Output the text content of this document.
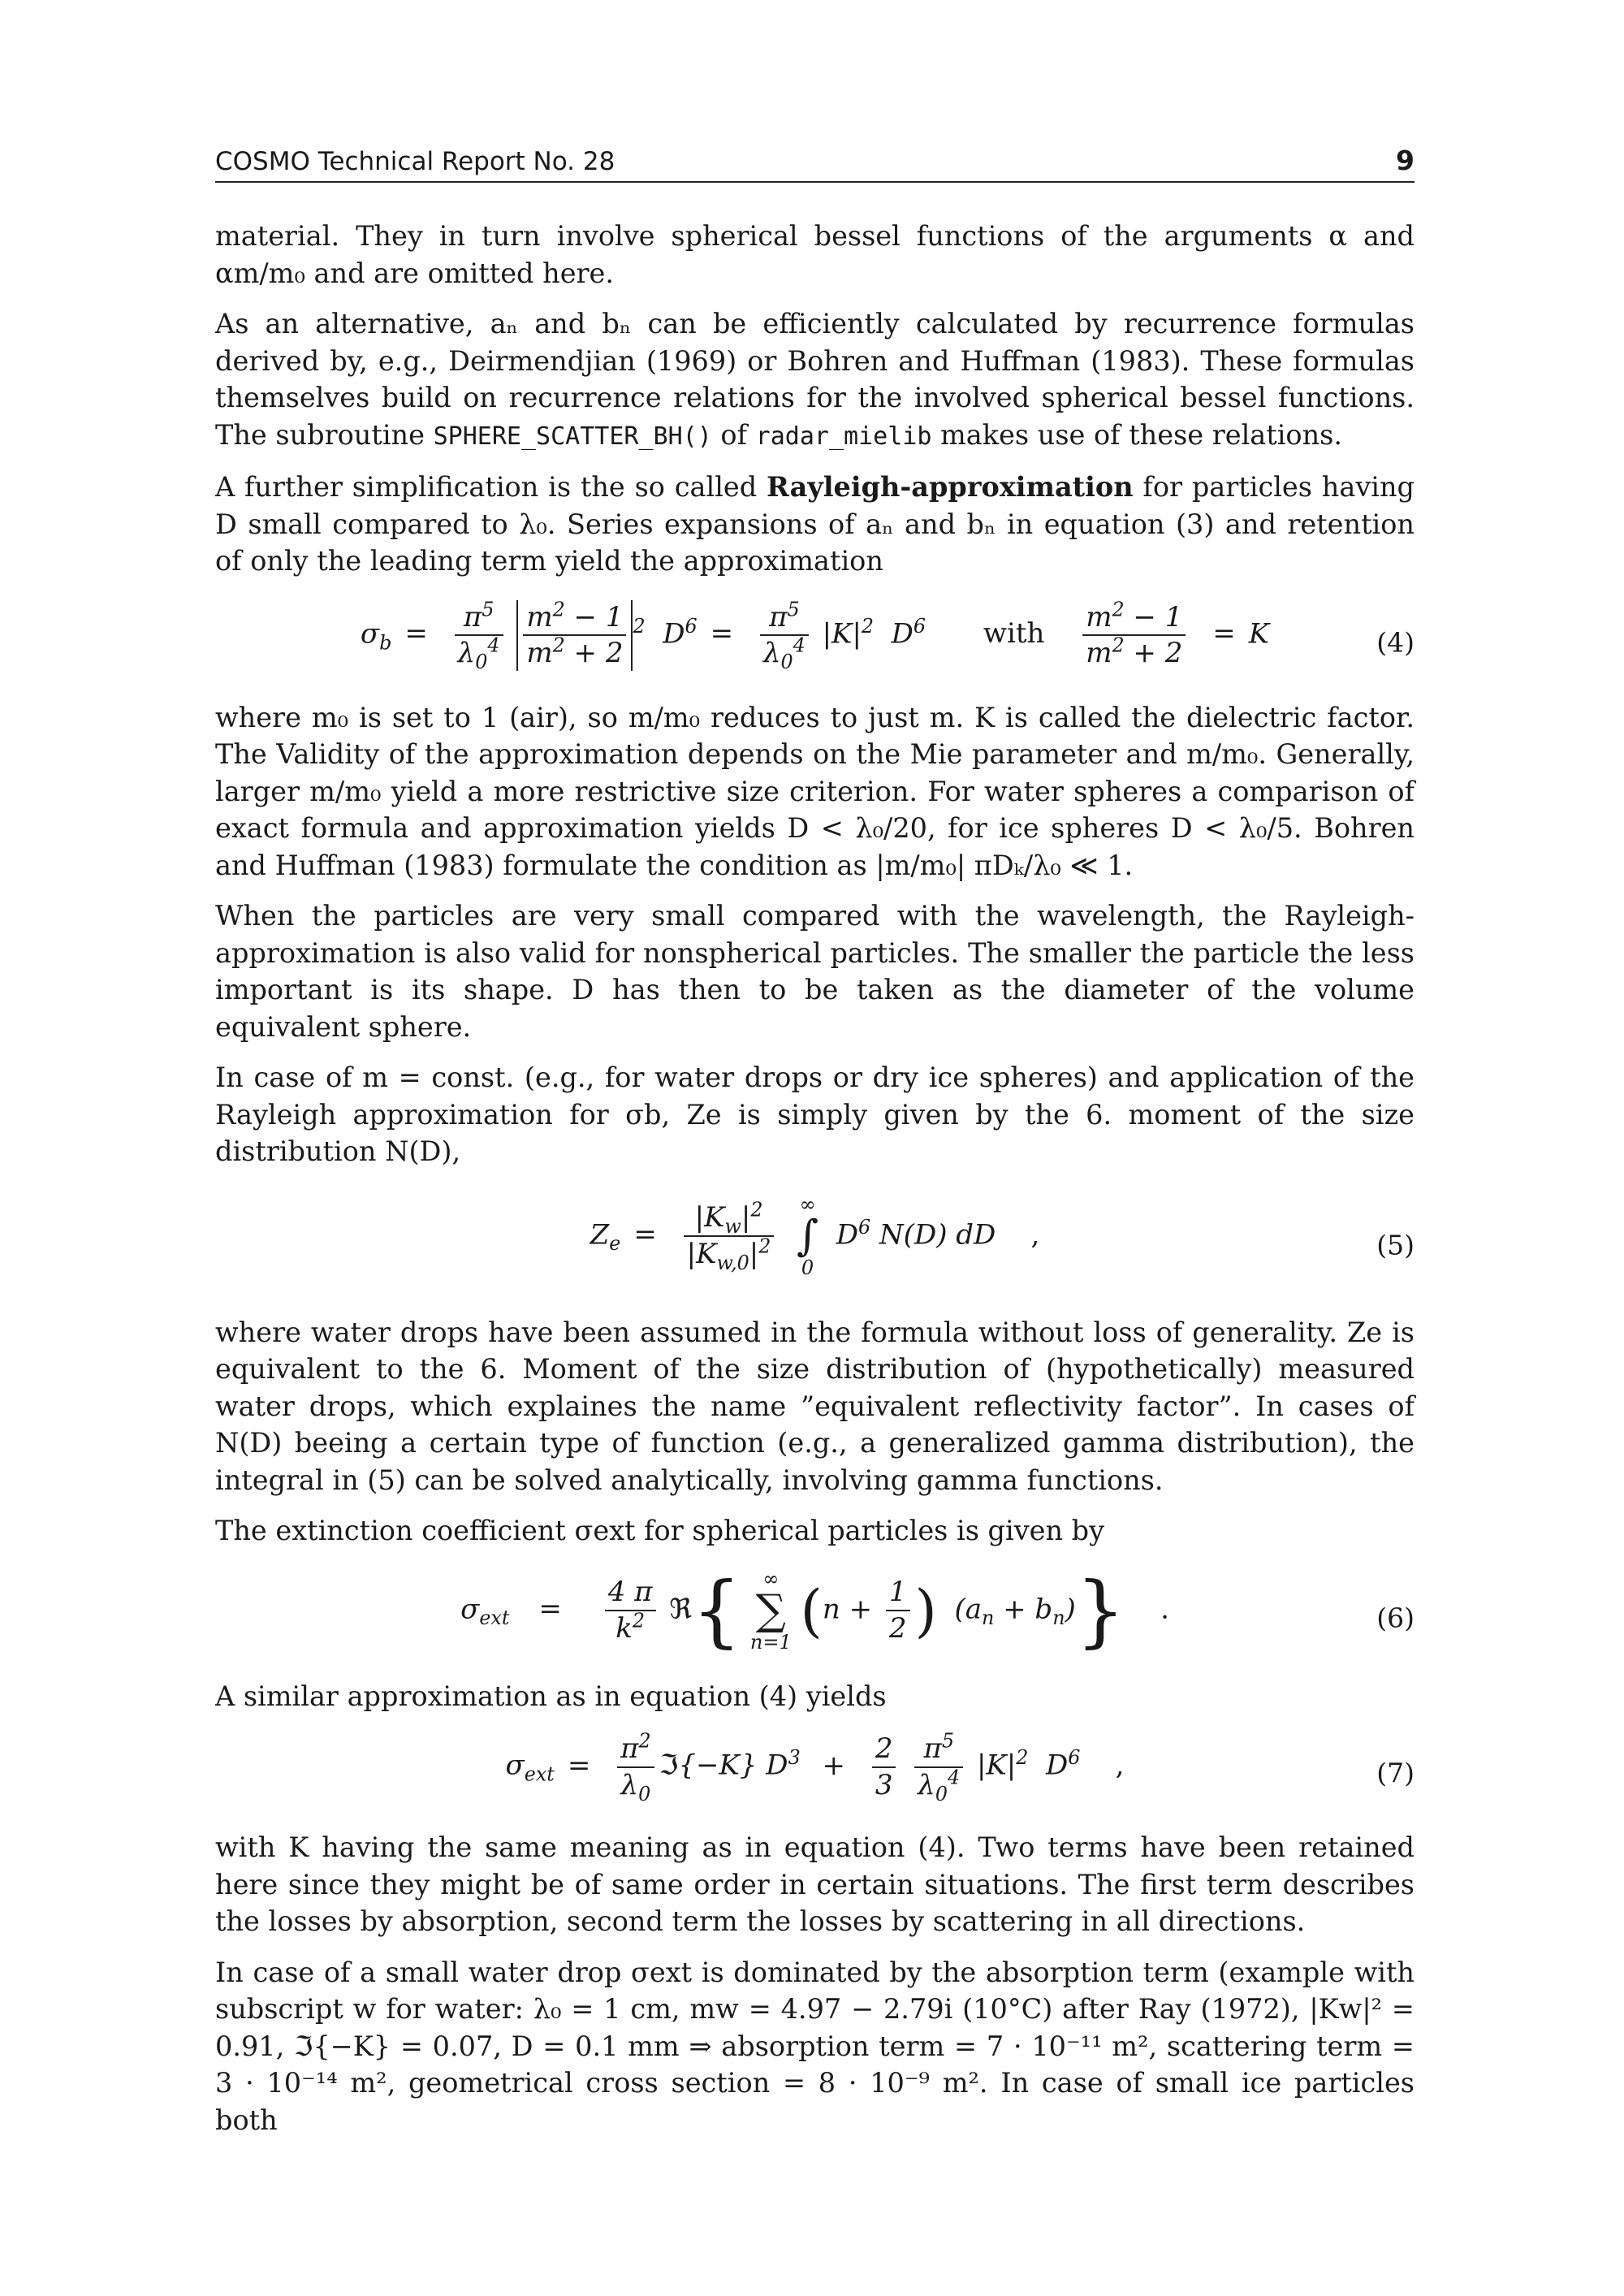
COSMO Technical Report No. 28	9

material. They in turn involve spherical bessel functions of the arguments α and αm/m₀ and are omitted here.

As an alternative, aₙ and bₙ can be efficiently calculated by recurrence formulas derived by, e.g., Deirmendjian (1969) or Bohren and Huffman (1983). These formulas themselves build on recurrence relations for the involved spherical bessel functions. The subroutine SPHERE_SCATTER_BH() of radar_mielib makes use of these relations.

A further simplification is the so called Rayleigh-approximation for particles having D small compared to λ₀. Series expansions of aₙ and bₙ in equation (3) and retention of only the leading term yield the approximation

$\sigma_b = \frac{\pi^5}{\lambda_0^4}$
$\frac{m^2 - 1}{m^2 + 2} ^2$  $D^6 = \frac{\pi^5}{\lambda_0^4} |K|^2$  $D^6$ with $\frac{m^2 - 1}{m^2 + 2} = K$	(4)

where m₀ is set to 1 (air), so m/m₀ reduces to just m. K is called the dielectric factor. The Validity of the approximation depends on the Mie parameter and m/m₀. Generally, larger m/m₀ yield a more restrictive size criterion. For water spheres a comparison of exact formula and approximation yields D < λ₀/20, for ice spheres D < λ₀/5. Bohren and Huffman (1983) formulate the condition as |m/m₀| πDₖ/λ₀ ≪ 1.

When the particles are very small compared with the wavelength, the Rayleigh-approximation is also valid for nonspherical particles. The smaller the particle the less important is its shape. D has then to be taken as the diameter of the volume equivalent sphere.

In case of m = const. (e.g., for water drops or dry ice spheres) and application of the Rayleigh approximation for σb, Ze is simply given by the 6. moment of the size distribution N(D),

$Z_e = \frac{|K_w|^2}{|K_{w,0}|^2}$
∞
∫
0
$D^6$ N(D) dD    ,	(5)

where water drops have been assumed in the formula without loss of generality. Ze is equivalent to the 6. Moment of the size distribution of (hypothetically) measured water drops, which explaines the name ”equivalent reflectivity factor”. In cases of N(D) beeing a certain type of function (e.g., a generalized gamma distribution), the integral in (5) can be solved analytically, involving gamma functions.

The extinction coefficient σext for spherical particles is given by

$\sigma_{ext} = \frac{4 \pi}{k^2}$ ℜ{	∞
∑
n=1 ($n + \frac{1}{2}$ )  $(a_n + b_n)$} .	(6)

A similar approximation as in equation (4) yields

$\sigma_{ext} = \frac{\pi^2}{\lambda_0}$ ℑ{−K} $D^3 + \frac{2}{3}$
$\frac{\pi^5}{\lambda_0^4} |K|^2$  $D^6$ ,	(7)

with K having the same meaning as in equation (4). Two terms have been retained here since they might be of same order in certain situations. The first term describes the losses by absorption, second term the losses by scattering in all directions.

In case of a small water drop σext is dominated by the absorption term (example with subscript w for water: λ₀ = 1 cm, mw = 4.97 − 2.79i (10°C) after Ray (1972), |Kw|² = 0.91, ℑ{−K} = 0.07, D = 0.1 mm ⇒ absorption term = 7 · 10⁻¹¹ m², scattering term = 3 · 10⁻¹⁴ m², geometrical cross section = 8 · 10⁻⁹ m². In case of small ice particles both
